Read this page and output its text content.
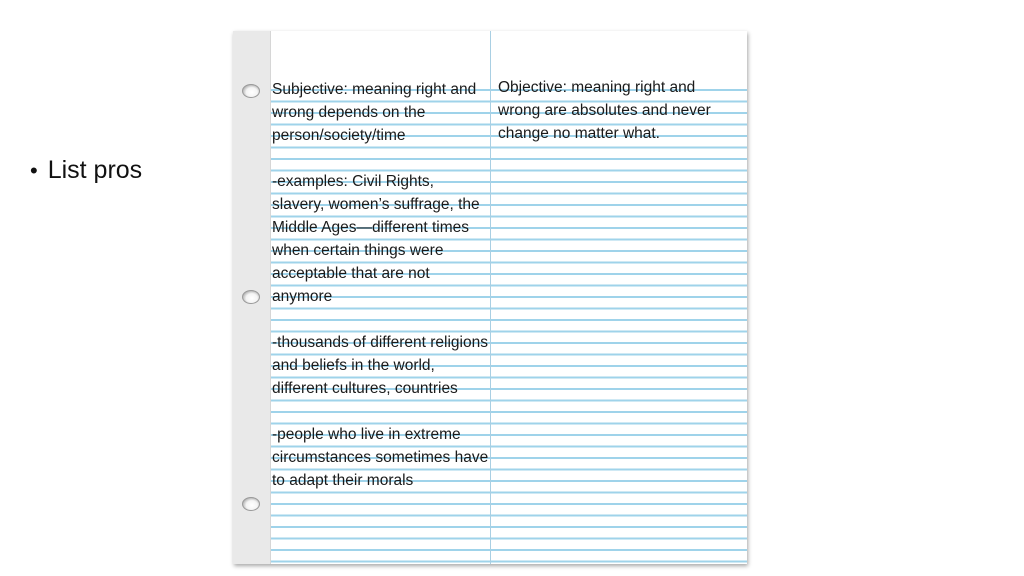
• List pros

Subjective: meaning right and wrong depends on the person/society/time

-examples: Civil Rights, slavery, women’s suffrage, the Middle Ages—different times when certain things were acceptable that are not anymore

-thousands of different religions and beliefs in the world, different cultures, countries

-people who live in extreme circumstances sometimes have to adapt their morals

Objective: meaning right and wrong are absolutes and never change no matter what.
